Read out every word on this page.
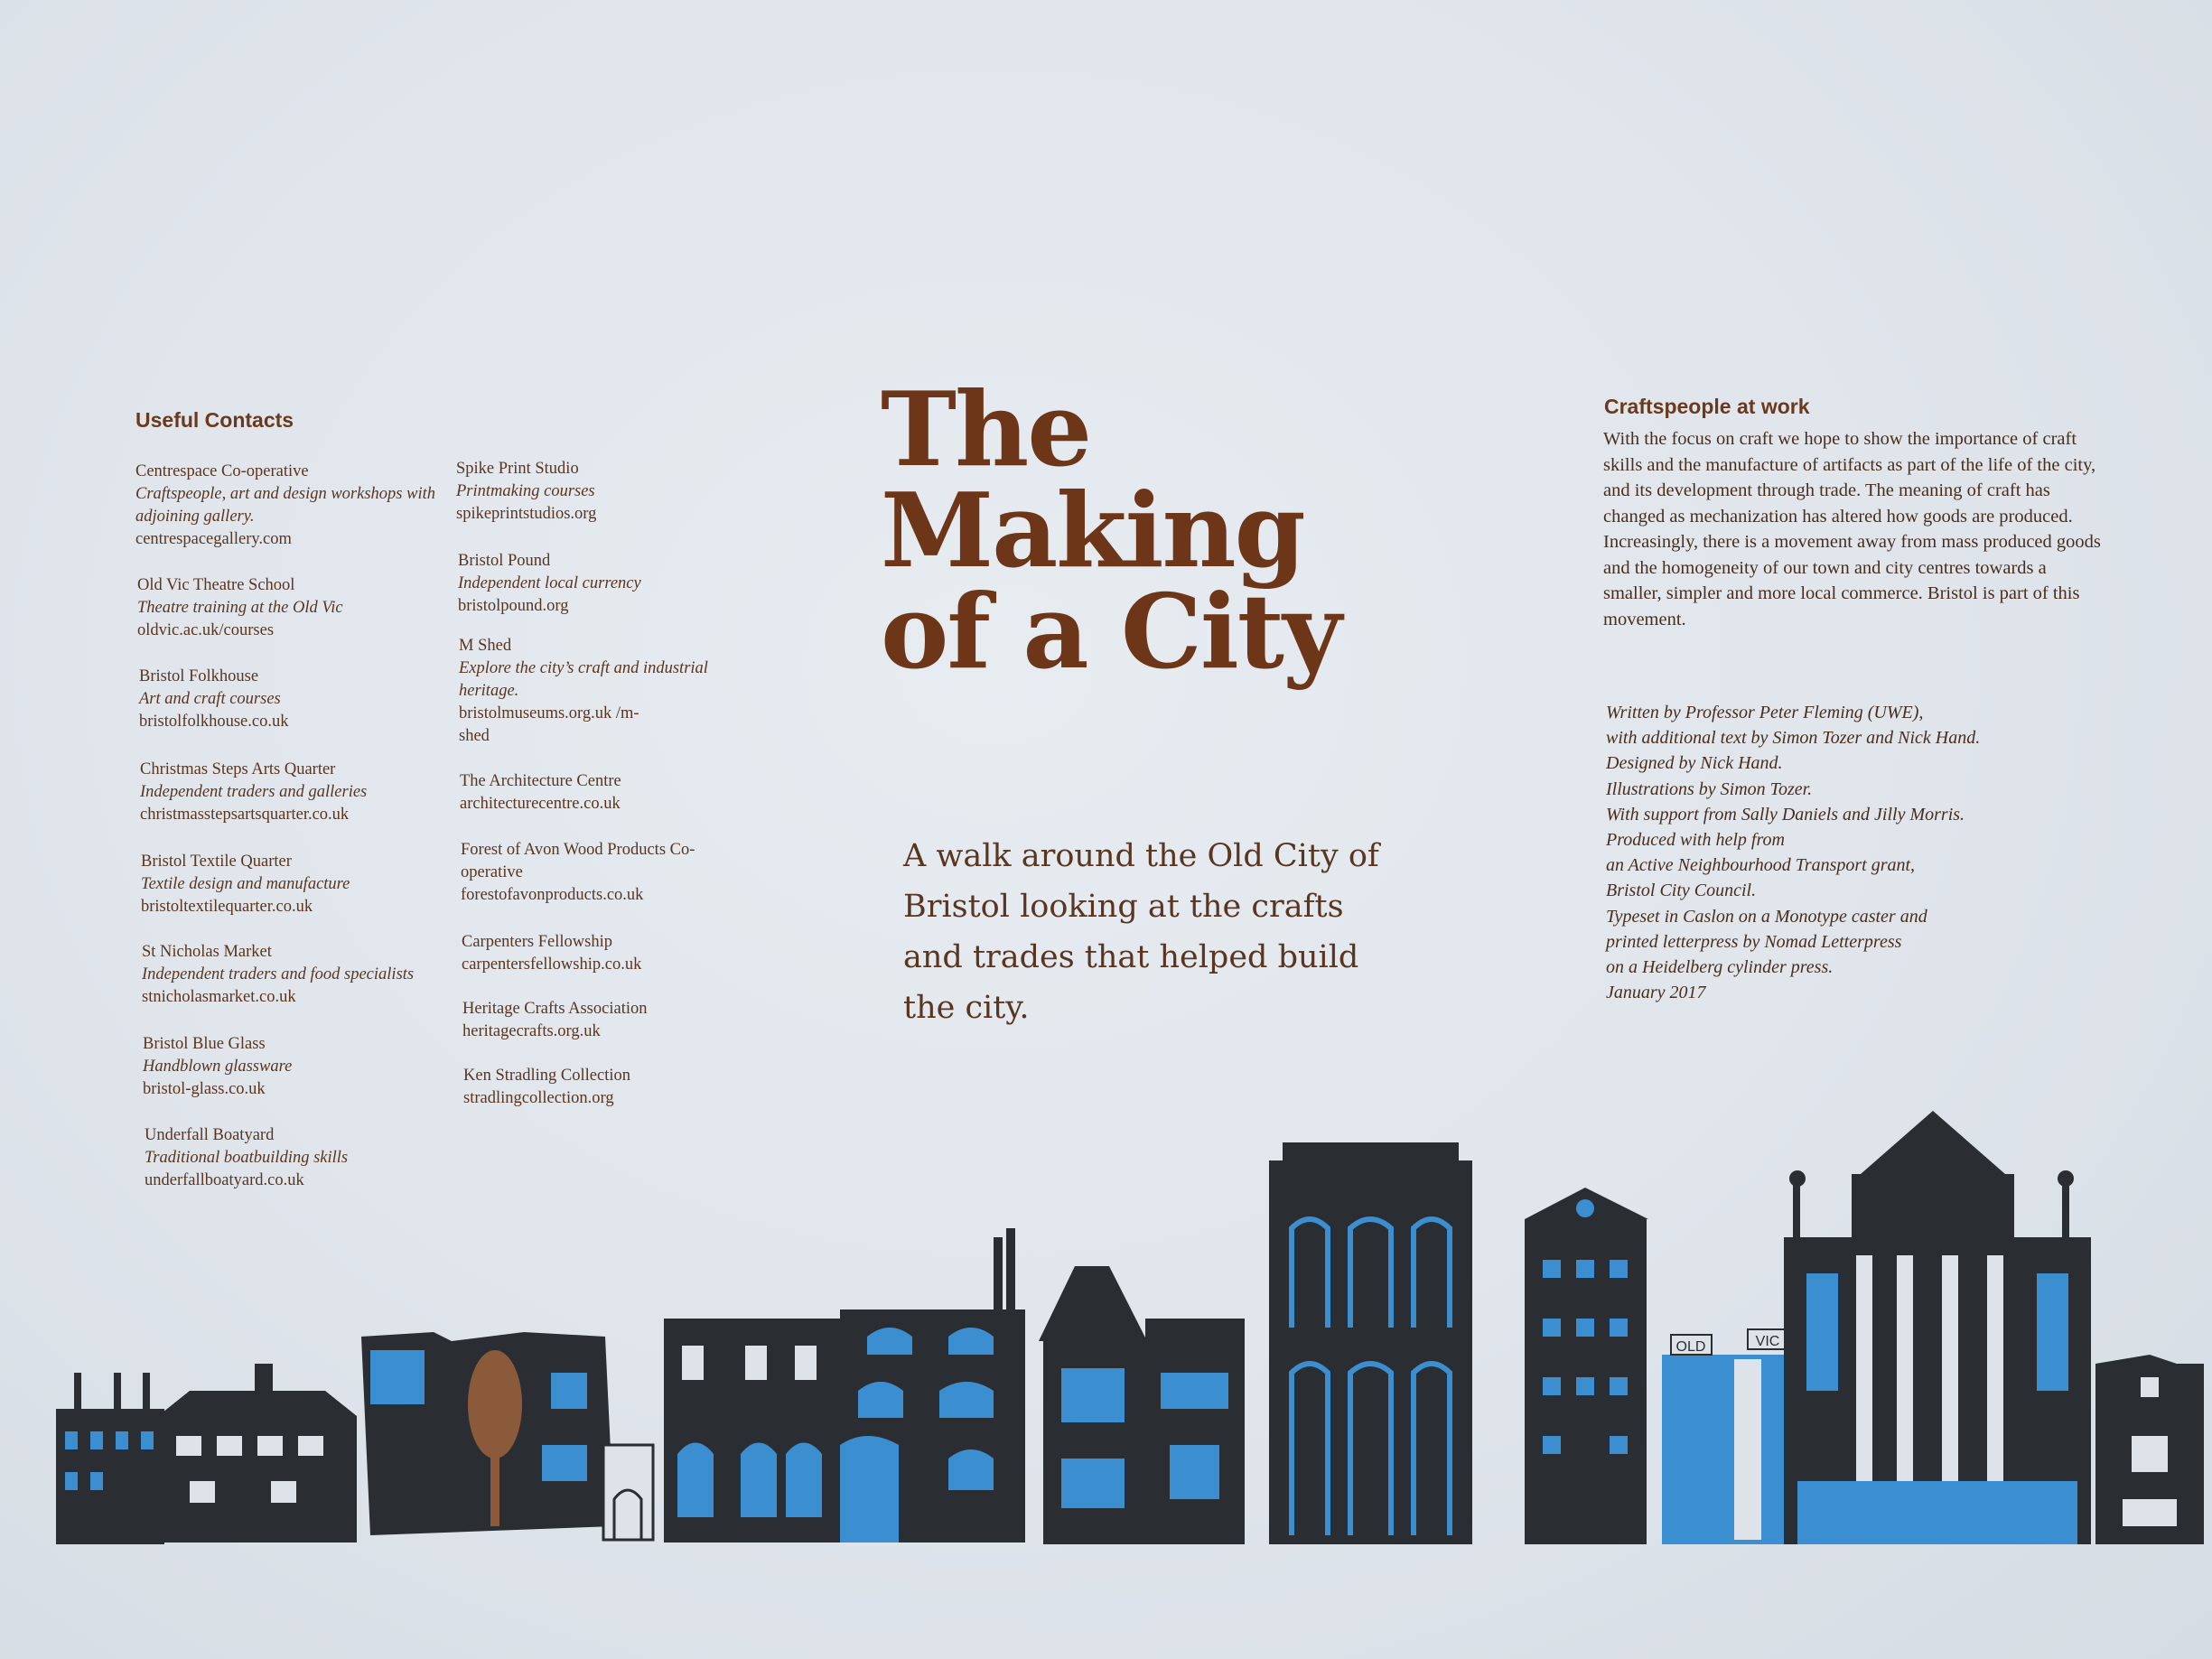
Useful Contacts
Centrespace Co-operative
Craftspeople, art and design workshops with adjoining gallery.
centrespacegallery.com
Old Vic Theatre School
Theatre training at the Old Vic
oldvic.ac.uk/courses
Bristol Folkhouse
Art and craft courses
bristolfolkhouse.co.uk
Christmas Steps Arts Quarter
Independent traders and galleries
christmasstepsartsquarter.co.uk
Bristol Textile Quarter
Textile design and manufacture
bristoltextilequarter.co.uk
St Nicholas Market
Independent traders and food specialists
stnicholasmarket.co.uk
Bristol Blue Glass
Handblown glassware
bristol-glass.co.uk
Underfall Boatyard
Traditional boatbuilding skills
underfallboatyard.co.uk
Spike Print Studio
Printmaking courses
spikeprintstudios.org
Bristol Pound
Independent local currency
bristolpound.org
M Shed
Explore the city’s craft and industrial heritage.
bristolmuseums.org.uk /m-shed
The Architecture Centre
architecturecentre.co.uk
Forest of Avon Wood Products Co-operative
forestofavonproducts.co.uk
Carpenters Fellowship
carpentersfellowship.co.uk
Heritage Crafts Association
heritagecrafts.org.uk
Ken Stradling Collection
stradlingcollection.org
The
Making
of a City

A walk around the Old City of Bristol looking at the crafts and trades that helped build the city.

Craftspeople at work

With the focus on craft we hope to show the importance of craft skills and the manufacture of artifacts as part of the life of the city, and its development through trade. The meaning of craft has changed as mechanization has altered how goods are produced. Increasingly, there is a movement away from mass produced goods and the homogeneity of our town and city centres towards a smaller, simpler and more local commerce. Bristol is part of this movement.

Written by Professor Peter Fleming (UWE),
with additional text by Simon Tozer and Nick Hand.
Designed by Nick Hand.
Illustrations by Simon Tozer.
With support from Sally Daniels and Jilly Morris.
Produced with help from
an Active Neighbourhood Transport grant,
Bristol City Council.
Typeset in Caslon on a Monotype caster and
printed letterpress by Nomad Letterpress
on a Heidelberg cylinder press.
January 2017
OLD	VIC
